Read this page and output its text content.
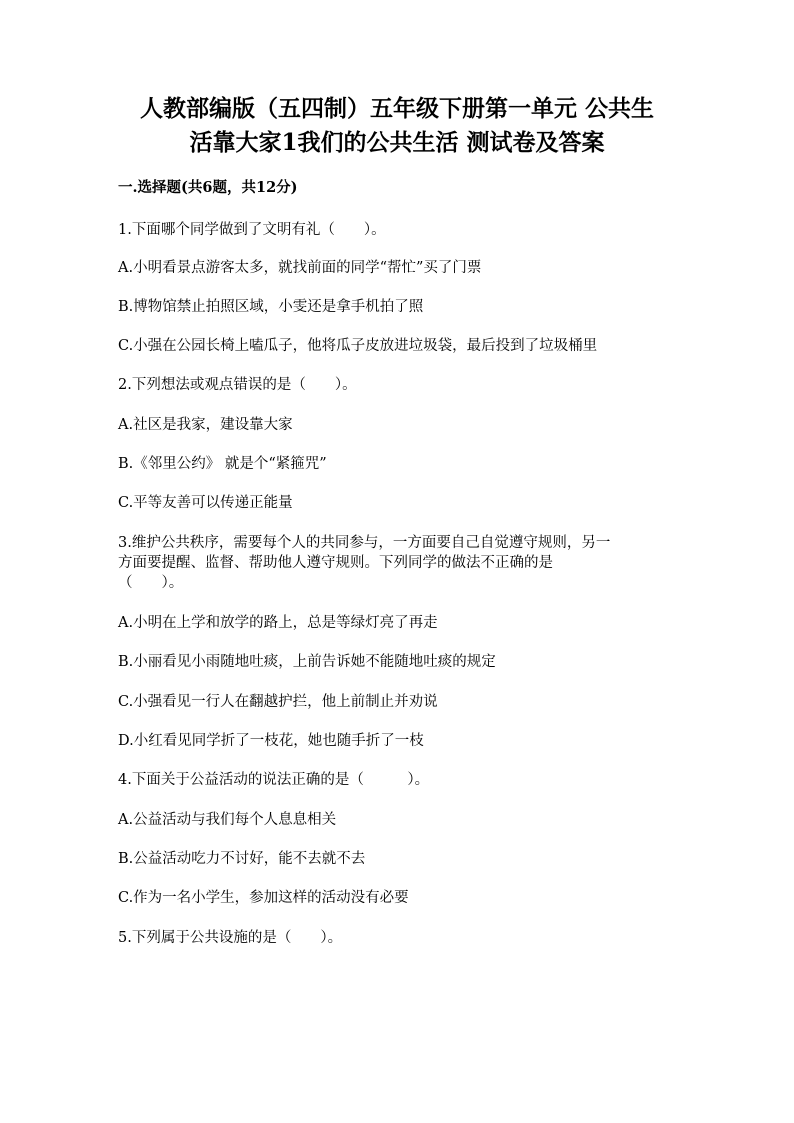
人教部编版（五四制）五年级下册第一单元 公共生
活靠大家1我们的公共生活 测试卷及答案
一.选择题(共6题，共12分)
1.下面哪个同学做到了文明有礼（　　）。
A.小明看景点游客太多，就找前面的同学“帮忙”买了门票
B.博物馆禁止拍照区域，小雯还是拿手机拍了照
C.小强在公园长椅上嗑瓜子，他将瓜子皮放进垃圾袋，最后投到了垃圾桶里
2.下列想法或观点错误的是（　　）。
A.社区是我家，建设靠大家
B.《邻里公约》 就是个“紧箍咒”
C.平等友善可以传递正能量
3.维护公共秩序，需要每个人的共同参与，一方面要自己自觉遵守规则，另一
方面要提醒、监督、帮助他人遵守规则。下列同学的做法不正确的是
（　　）。
A.小明在上学和放学的路上，总是等绿灯亮了再走
B.小丽看见小雨随地吐痰，上前告诉她不能随地吐痰的规定
C.小强看见一行人在翻越护拦，他上前制止并劝说
D.小红看见同学折了一枝花，她也随手折了一枝
4.下面关于公益活动的说法正确的是（　　　）。
A.公益活动与我们每个人息息相关
B.公益活动吃力不讨好，能不去就不去
C.作为一名小学生，参加这样的活动没有必要
5.下列属于公共设施的是（　　）。
